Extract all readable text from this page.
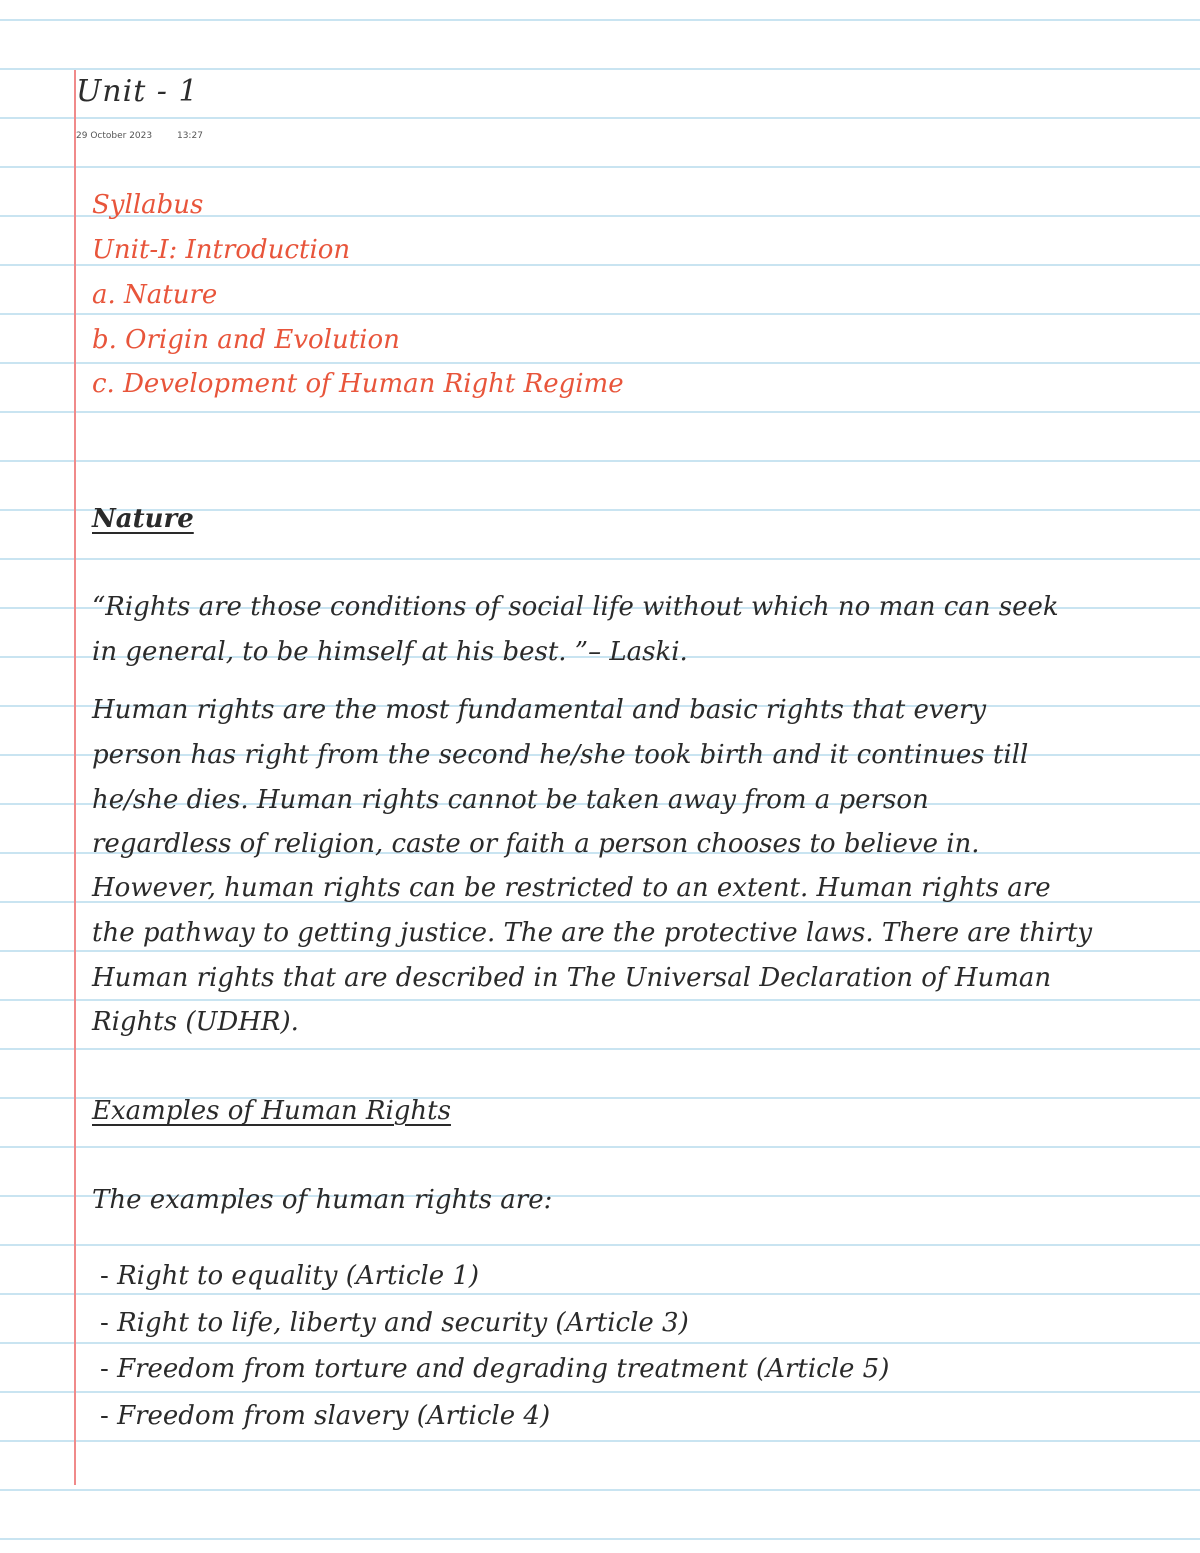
Unit - 1
29 October 2023	13:27
Syllabus
Unit-I: Introduction
a. Nature
b. Origin and Evolution
c. Development of Human Right Regime
Nature
“Rights are those conditions of social life without which no man can seek
in general, to be himself at his best. ”– Laski.
Human rights are the most fundamental and basic rights that every
person has right from the second he/she took birth and it continues till
he/she dies. Human rights cannot be taken away from a person
regardless of religion, caste or faith a person chooses to believe in.
However, human rights can be restricted to an extent. Human rights are
the pathway to getting justice. The are the protective laws. There are thirty
Human rights that are described in The Universal Declaration of Human
Rights (UDHR).
Examples of Human Rights
The examples of human rights are:
- Right to equality (Article 1)
- Right to life, liberty and security (Article 3)
- Freedom from torture and degrading treatment (Article 5)
- Freedom from slavery (Article 4)
